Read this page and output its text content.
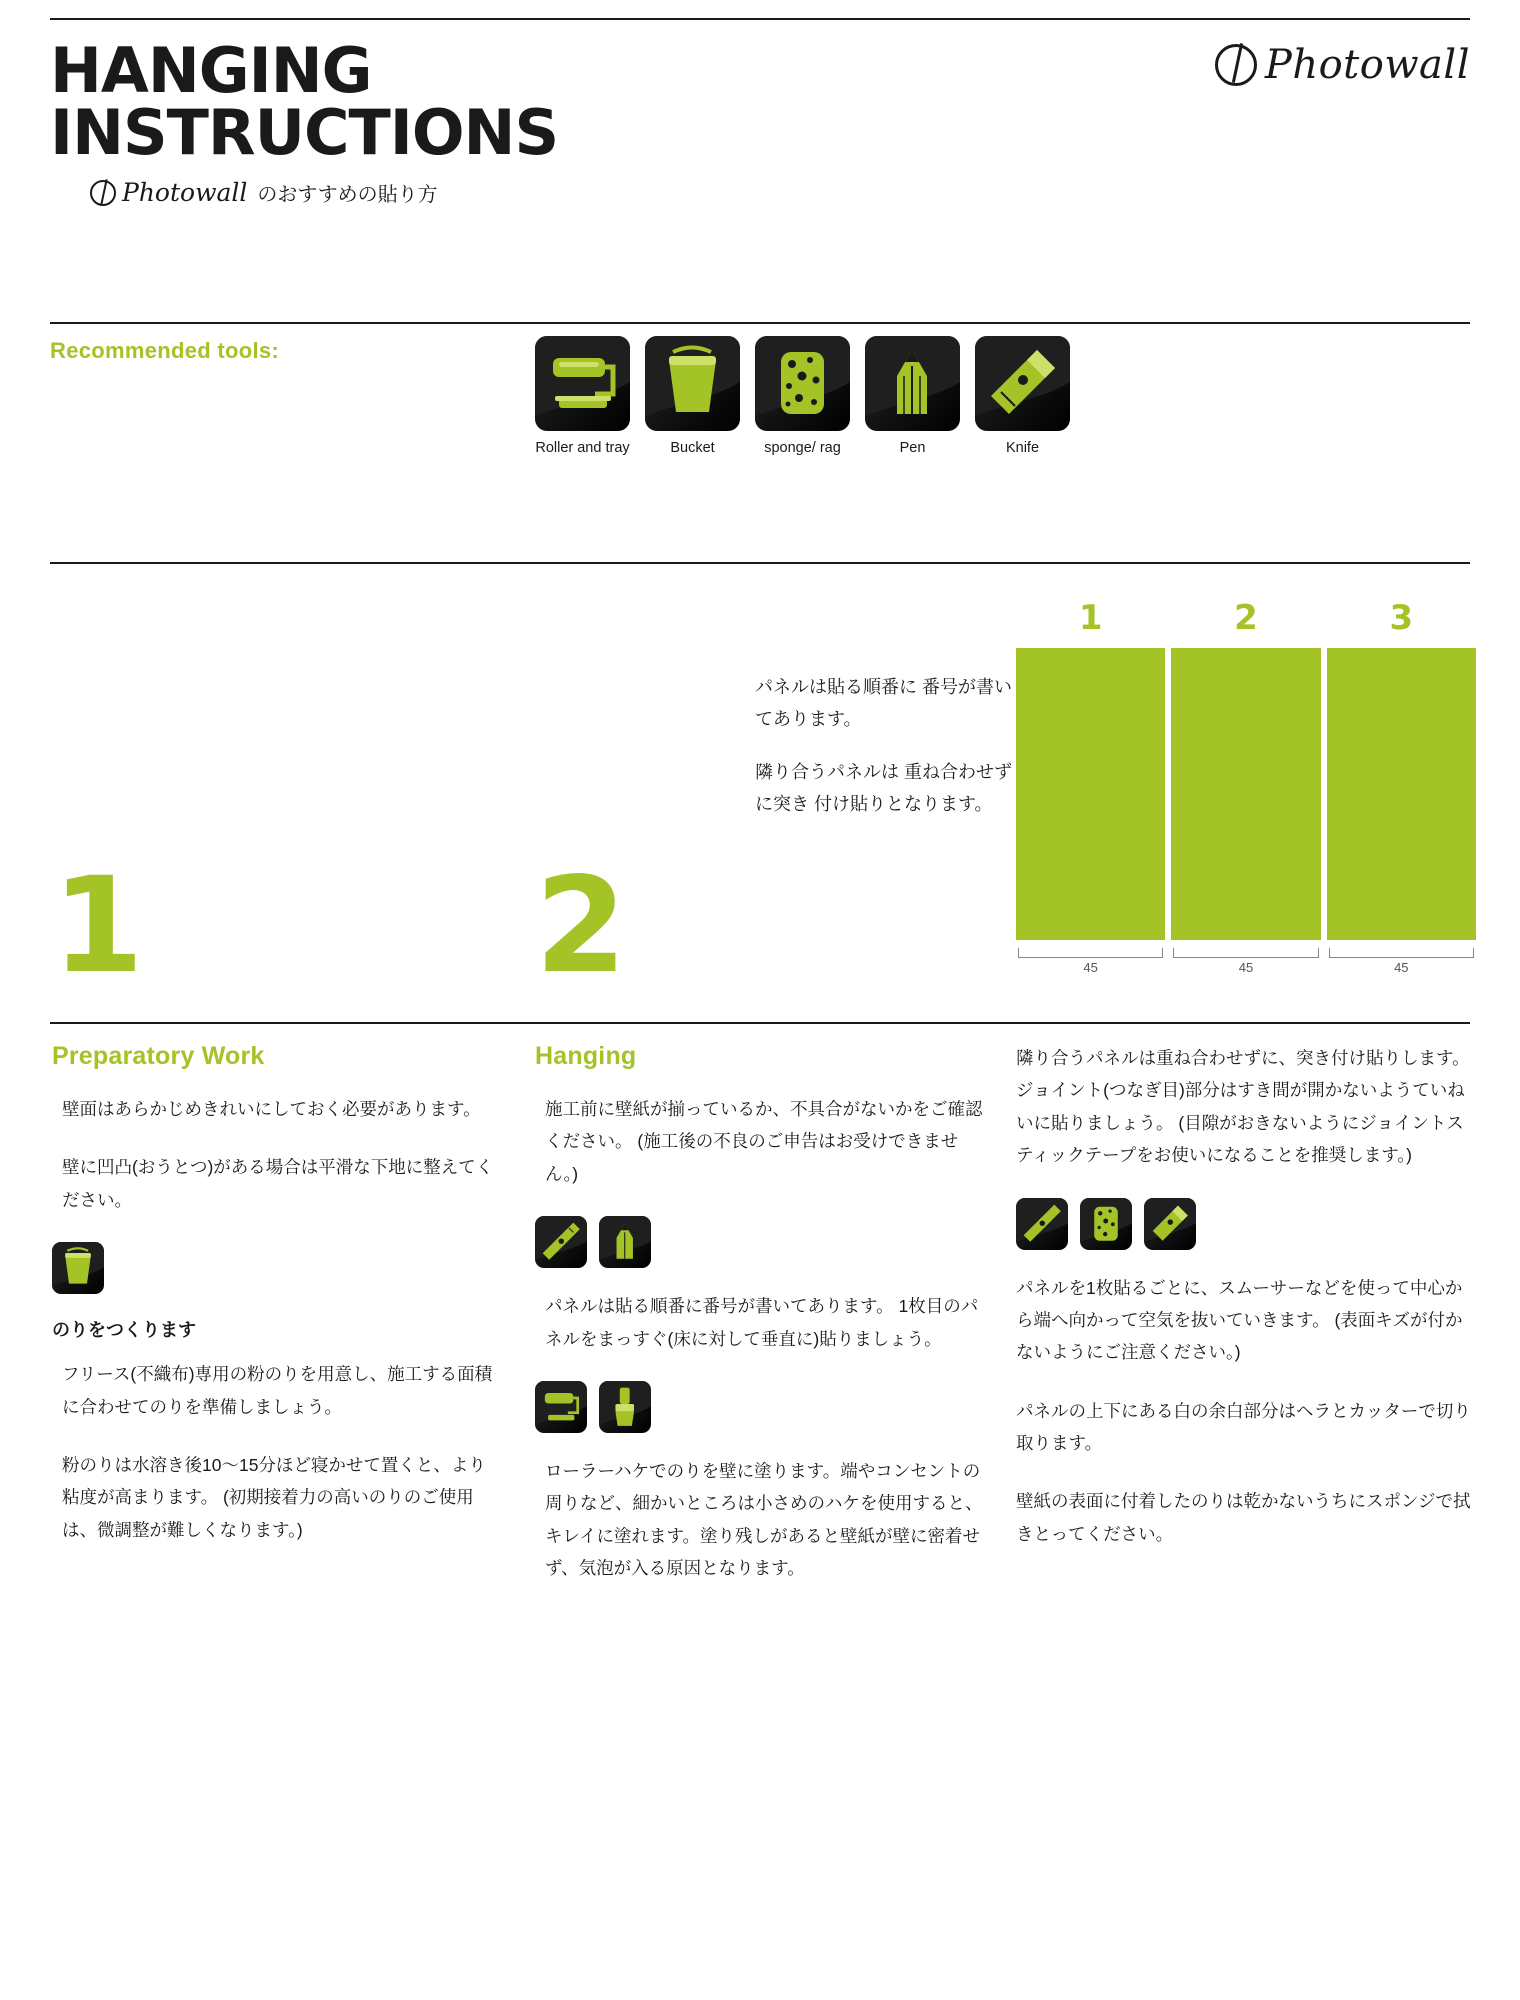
HANGING
INSTRUCTIONS
Photowall のおすすめの貼り方
Photowall
Recommended tools:
Roller and tray	Bucket	sponge/ rag	Pen	Knife
1	2

パネルは貼る順番に 番号が書いてあります。

隣り合うパネルは 重ね合わせずに突き 付け貼りとなります。

1	2	3
45	45	45
Preparatory Work

壁面はあらかじめきれいにしておく必要があります。

壁に凹凸(おうとつ)がある場合は平滑な下地に整えてください。

のりをつくります

フリース(不織布)専用の粉のりを用意し、施工する面積に合わせてのりを準備しましょう。

粉のりは水溶き後10〜15分ほど寝かせて置くと、より粘度が高まります。 (初期接着力の高いのりのご使用は、微調整が難しくなります。)

Hanging

施工前に壁紙が揃っているか、不具合がないかをご確認ください。 (施工後の不良のご申告はお受けできません。)

パネルは貼る順番に番号が書いてあります。 1枚目のパネルをまっすぐ(床に対して垂直に)貼りましょう。

ローラーハケでのりを壁に塗ります。端やコンセントの周りなど、細かいところは小さめのハケを使用すると、キレイに塗れます。塗り残しがあると壁紙が壁に密着せず、気泡が入る原因となります。

隣り合うパネルは重ね合わせずに、突き付け貼りします。ジョイント(つなぎ目)部分はすき間が開かないようていねいに貼りましょう。 (目隙がおきないようにジョイントスティックテープをお使いになることを推奨します。)

パネルを1枚貼るごとに、スムーサーなどを使って中心から端へ向かって空気を抜いていきます。 (表面キズが付かないようにご注意ください。)

パネルの上下にある白の余白部分はヘラとカッターで切り取ります。

壁紙の表面に付着したのりは乾かないうちにスポンジで拭きとってください。
